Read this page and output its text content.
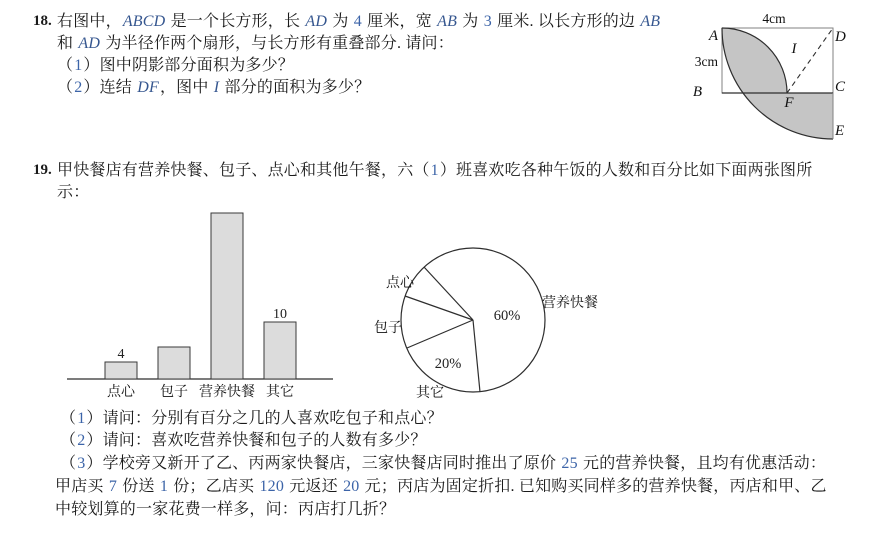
18. 右图中，ABCD 是一个长方形，长 AD 为 4 厘米，宽 AB 为 3 厘米. 以长方形的边 AB
和 AD 为半径作两个扇形，与长方形有重叠部分. 请问：
（1）图中阴影部分面积为多少？
（2）连结 DF，图中 I 部分的面积为多少？
A	D
B	C
E
F
I
4cm
3cm
19. 甲快餐店有营养快餐、包子、点心和其他午餐，六（1）班喜欢吃各种午饭的人数和百分比如下面两张图所
示：
点心
4
包子 营养快餐 其它
10
点心
包子
其它
营养快餐
60%
20%
（1）请问：分别有百分之几的人喜欢吃包子和点心？
（2）请问：喜欢吃营养快餐和包子的人数有多少？
（3）学校旁又新开了乙、丙两家快餐店，三家快餐店同时推出了原价 25 元的营养快餐，且均有优惠活动：
甲店买 7 份送 1 份；乙店买 120 元返还 20 元；丙店为固定折扣. 已知购买同样多的营养快餐，丙店和甲、乙
中较划算的一家花费一样多，问：丙店打几折？
